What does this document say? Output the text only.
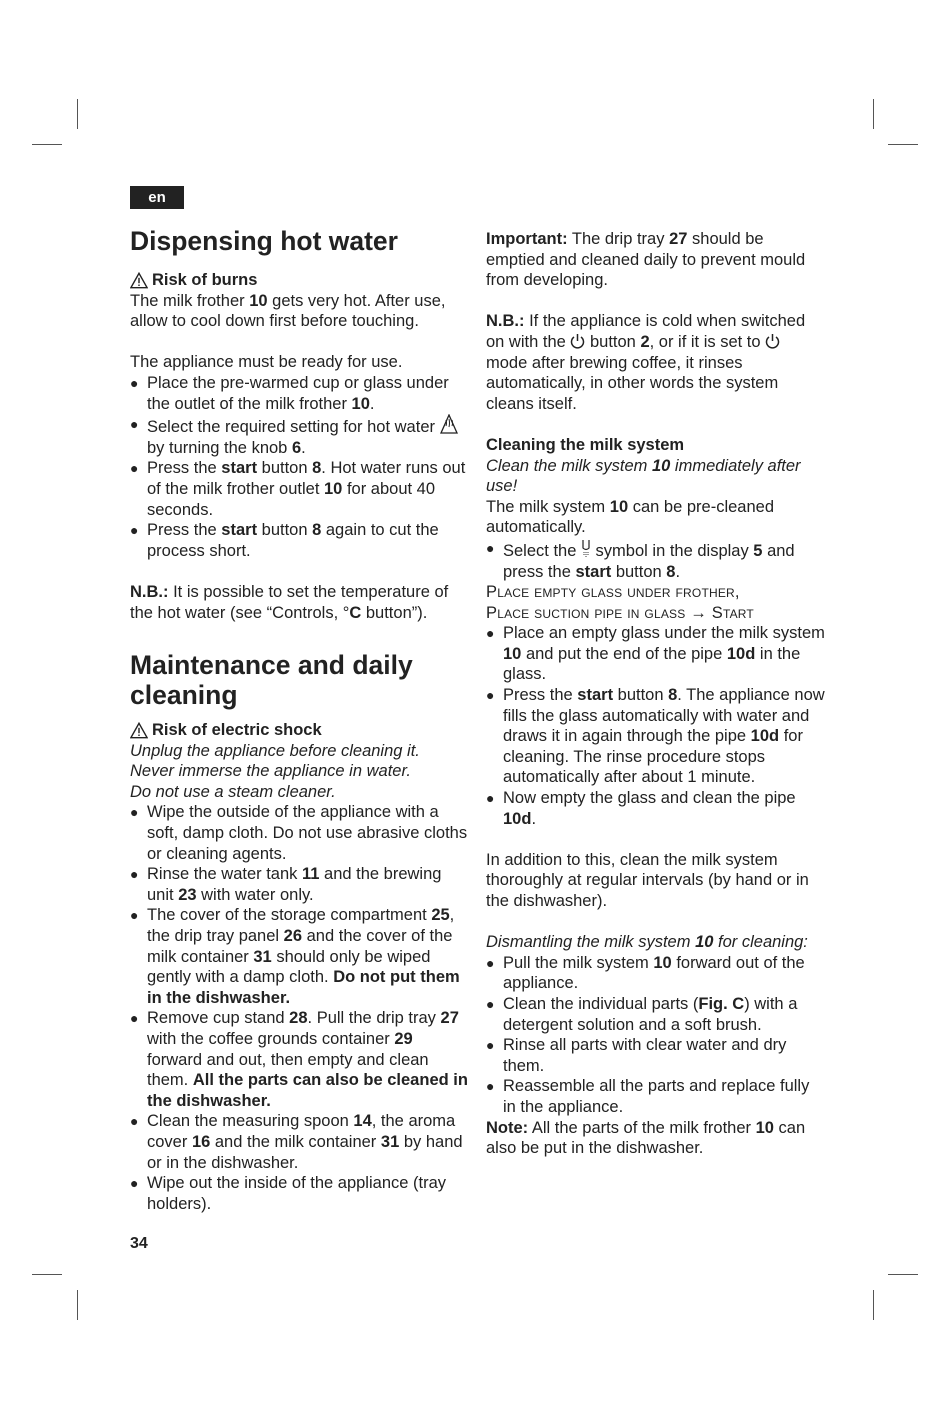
en
Dispensing hot water
Risk of burns

The milk frother 10 gets very hot. After use, allow to cool down first before touching.

The appliance must be ready for use.

● Place the pre-warmed cup or glass under the outlet of the milk frother 10.
● Select the required setting for hot water  by turning the knob 6.
● Press the start button 8. Hot water runs out of the milk frother outlet 10 for about 40 seconds.
● Press the start button 8 again to cut the process short.

N.B.: It is possible to set the temperature of the hot water (see “Controls, °C button”).

Maintenance and daily cleaning
Risk of electric shock

Unplug the appliance before cleaning it.
Never immerse the appliance in water.
Do not use a steam cleaner.

● Wipe the outside of the appliance with a soft, damp cloth. Do not use abrasive cloths or cleaning agents.
● Rinse the water tank 11 and the brewing unit 23 with water only.
● The cover of the storage compartment 25, the drip tray panel 26 and the cover of the milk container 31 should only be wiped gently with a damp cloth. Do not put them in the dishwasher.
● Remove cup stand 28. Pull the drip tray 27 with the coffee grounds container 29 forward and out, then empty and clean them. All the parts can also be cleaned in the dishwasher.
● Clean the measuring spoon 14, the aroma cover 16 and the milk container 31 by hand or in the dishwasher.
● Wipe out the inside of the appliance (tray holders).

Important: The drip tray 27 should be emptied and cleaned daily to prevent mould from developing.

N.B.: If the appliance is cold when switched on with the  button 2, or if it is set to  mode after brewing coffee, it rinses automatically, in other words the system cleans itself.

Cleaning the milk system

Clean the milk system 10 immediately after use!

The milk system 10 can be pre-cleaned automatically.

● Select the  symbol in the display 5 and press the start button 8.

Place empty glass under frother,

Place suction pipe in glass → Start

● Place an empty glass under the milk system 10 and put the end of the pipe 10d in the glass.
● Press the start button 8. The appliance now fills the glass automatically with water and draws it in again through the pipe 10d for cleaning. The rinse procedure stops automatically after about 1 minute.
● Now empty the glass and clean the pipe 10d.

In addition to this, clean the milk system thoroughly at regular intervals (by hand or in the dishwasher).

Dismantling the milk system 10 for cleaning:

● Pull the milk system 10 forward out of the appliance.
● Clean the individual parts (Fig. C) with a detergent solution and a soft brush.
● Rinse all parts with clear water and dry them.
● Reassemble all the parts and replace fully in the appliance.

Note: All the parts of the milk frother 10 can also be put in the dishwasher.

34
